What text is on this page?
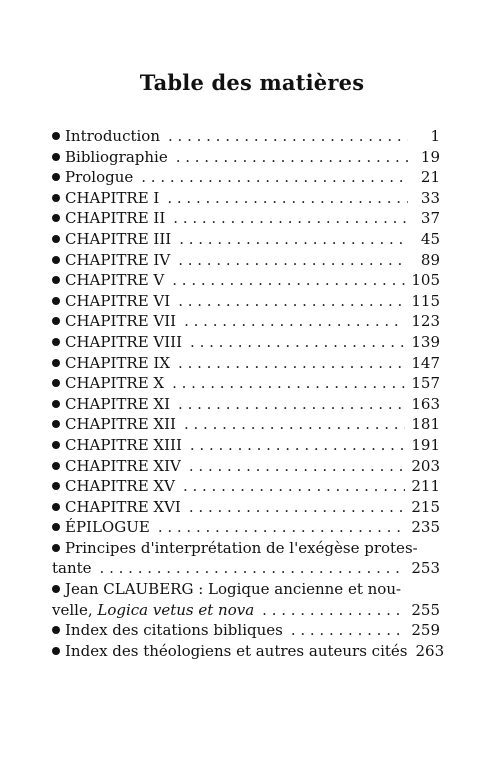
Table des matières
Introduction . . .	1
Bibliographie . . .	19
Prologue . . .	21
CHAPITRE I . . .	33
CHAPITRE II . . .	37
CHAPITRE III . . .	45
CHAPITRE IV . . .	89
CHAPITRE V . . .	105
CHAPITRE VI . . .	115
CHAPITRE VII . . .	123
CHAPITRE VIII . . .	139
CHAPITRE IX . . .	147
CHAPITRE X . . .	157
CHAPITRE XI . . .	163
CHAPITRE XII . . .	181
CHAPITRE XIII . . .	191
CHAPITRE XIV . . .	203
CHAPITRE XV . . .	211
CHAPITRE XVI . . .	215
ÉPILOGUE . . .	235
Principes d'interprétation de l'exégèse protes-
tante . . .	253
Jean CLAUBERG : Logique ancienne et nou-
velle, Logica vetus et nova . . .	255
Index des citations bibliques . . .	259
Index des théologiens et autres auteurs cités 263
